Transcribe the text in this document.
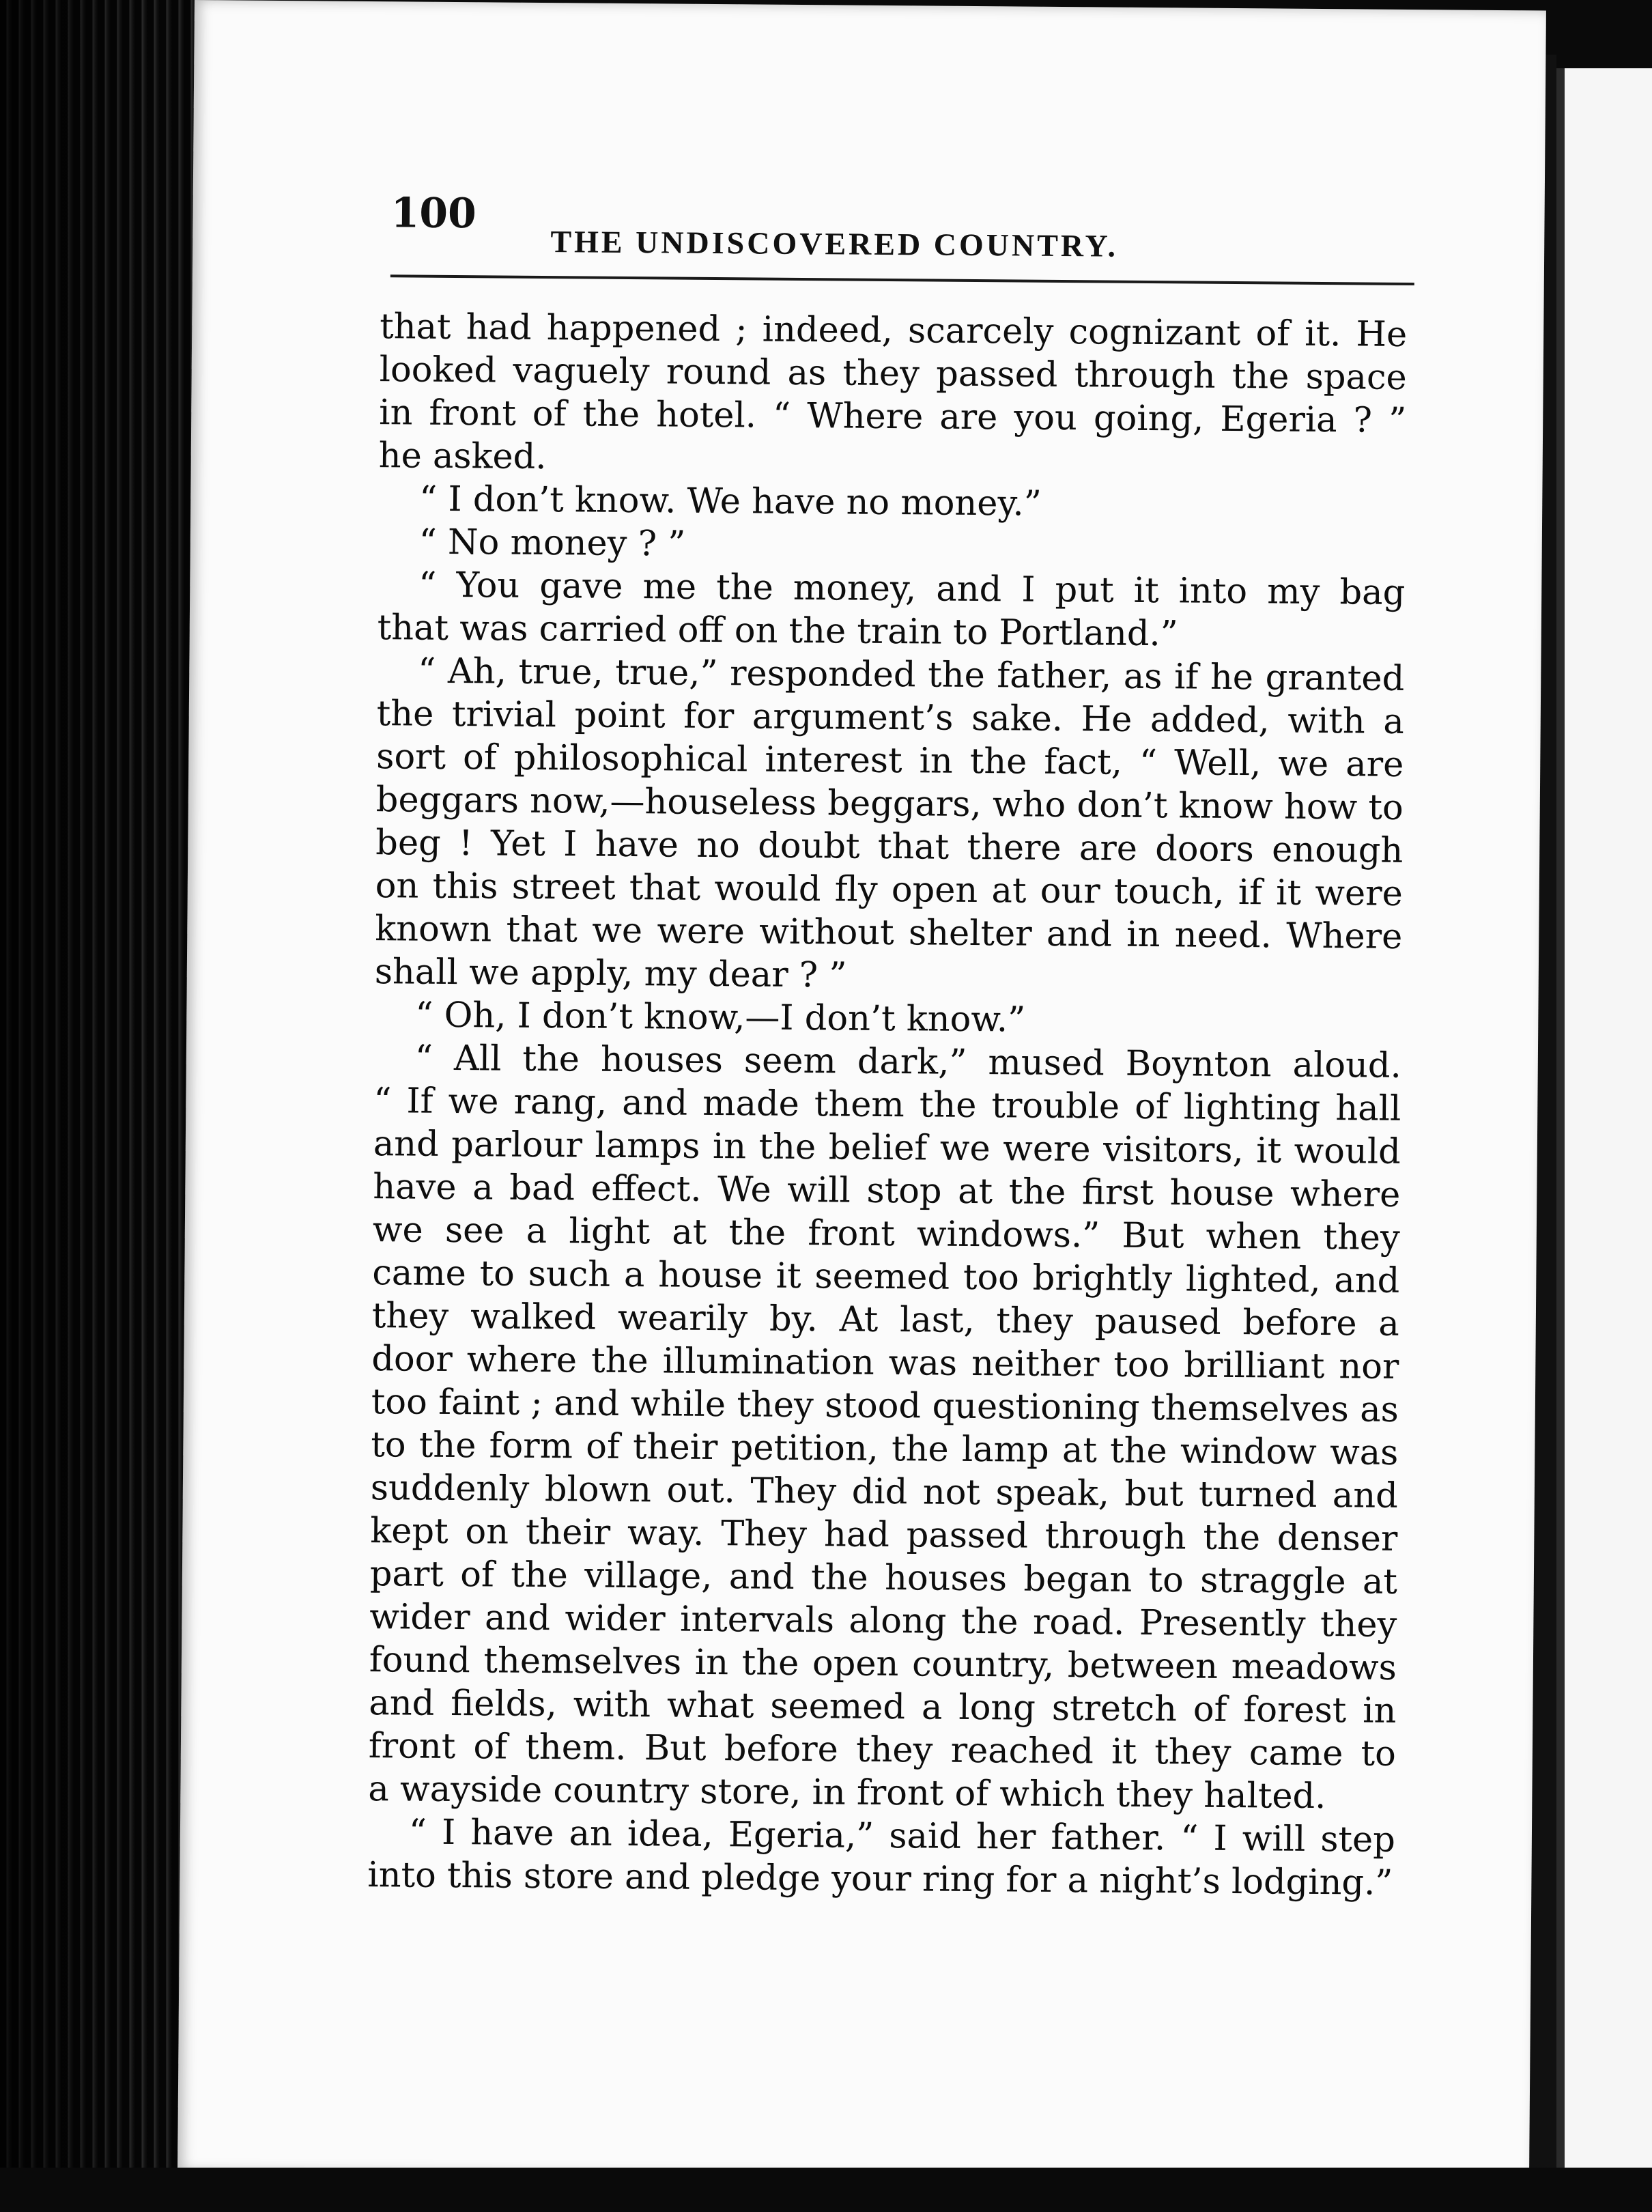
100
THE UNDISCOVERED COUNTRY.
that had happened ; indeed, scarcely cognizant of it. He
looked vaguely round as they passed through the space
in front of the hotel. “ Where are you going, Egeria ? ”
he asked.
“ I don’t know. We have no money.”
“ No money ? ”
“ You gave me the money, and I put it into my bag
that was carried off on the train to Portland.”
“ Ah, true, true,” responded the father, as if he granted
the trivial point for argument’s sake. He added, with a
sort of philosophical interest in the fact, “ Well, we are
beggars now,—houseless beggars, who don’t know how to
beg ! Yet I have no doubt that there are doors enough
on this street that would fly open at our touch, if it were
known that we were without shelter and in need. Where
shall we apply, my dear ? ”
“ Oh, I don’t know,—I don’t know.”
“ All the houses seem dark,” mused Boynton aloud.
“ If we rang, and made them the trouble of lighting hall
and parlour lamps in the belief we were visitors, it would
have a bad effect. We will stop at the first house where
we see a light at the front windows.” But when they
came to such a house it seemed too brightly lighted, and
they walked wearily by. At last, they paused before a
door where the illumination was neither too brilliant nor
too faint ; and while they stood questioning themselves as
to the form of their petition, the lamp at the window was
suddenly blown out. They did not speak, but turned and
kept on their way. They had passed through the denser
part of the village, and the houses began to straggle at
wider and wider intervals along the road. Presently they
found themselves in the open country, between meadows
and fields, with what seemed a long stretch of forest in
front of them. But before they reached it they came to
a wayside country store, in front of which they halted.
“ I have an idea, Egeria,” said her father. “ I will step
into this store and pledge your ring for a night’s lodging.”
